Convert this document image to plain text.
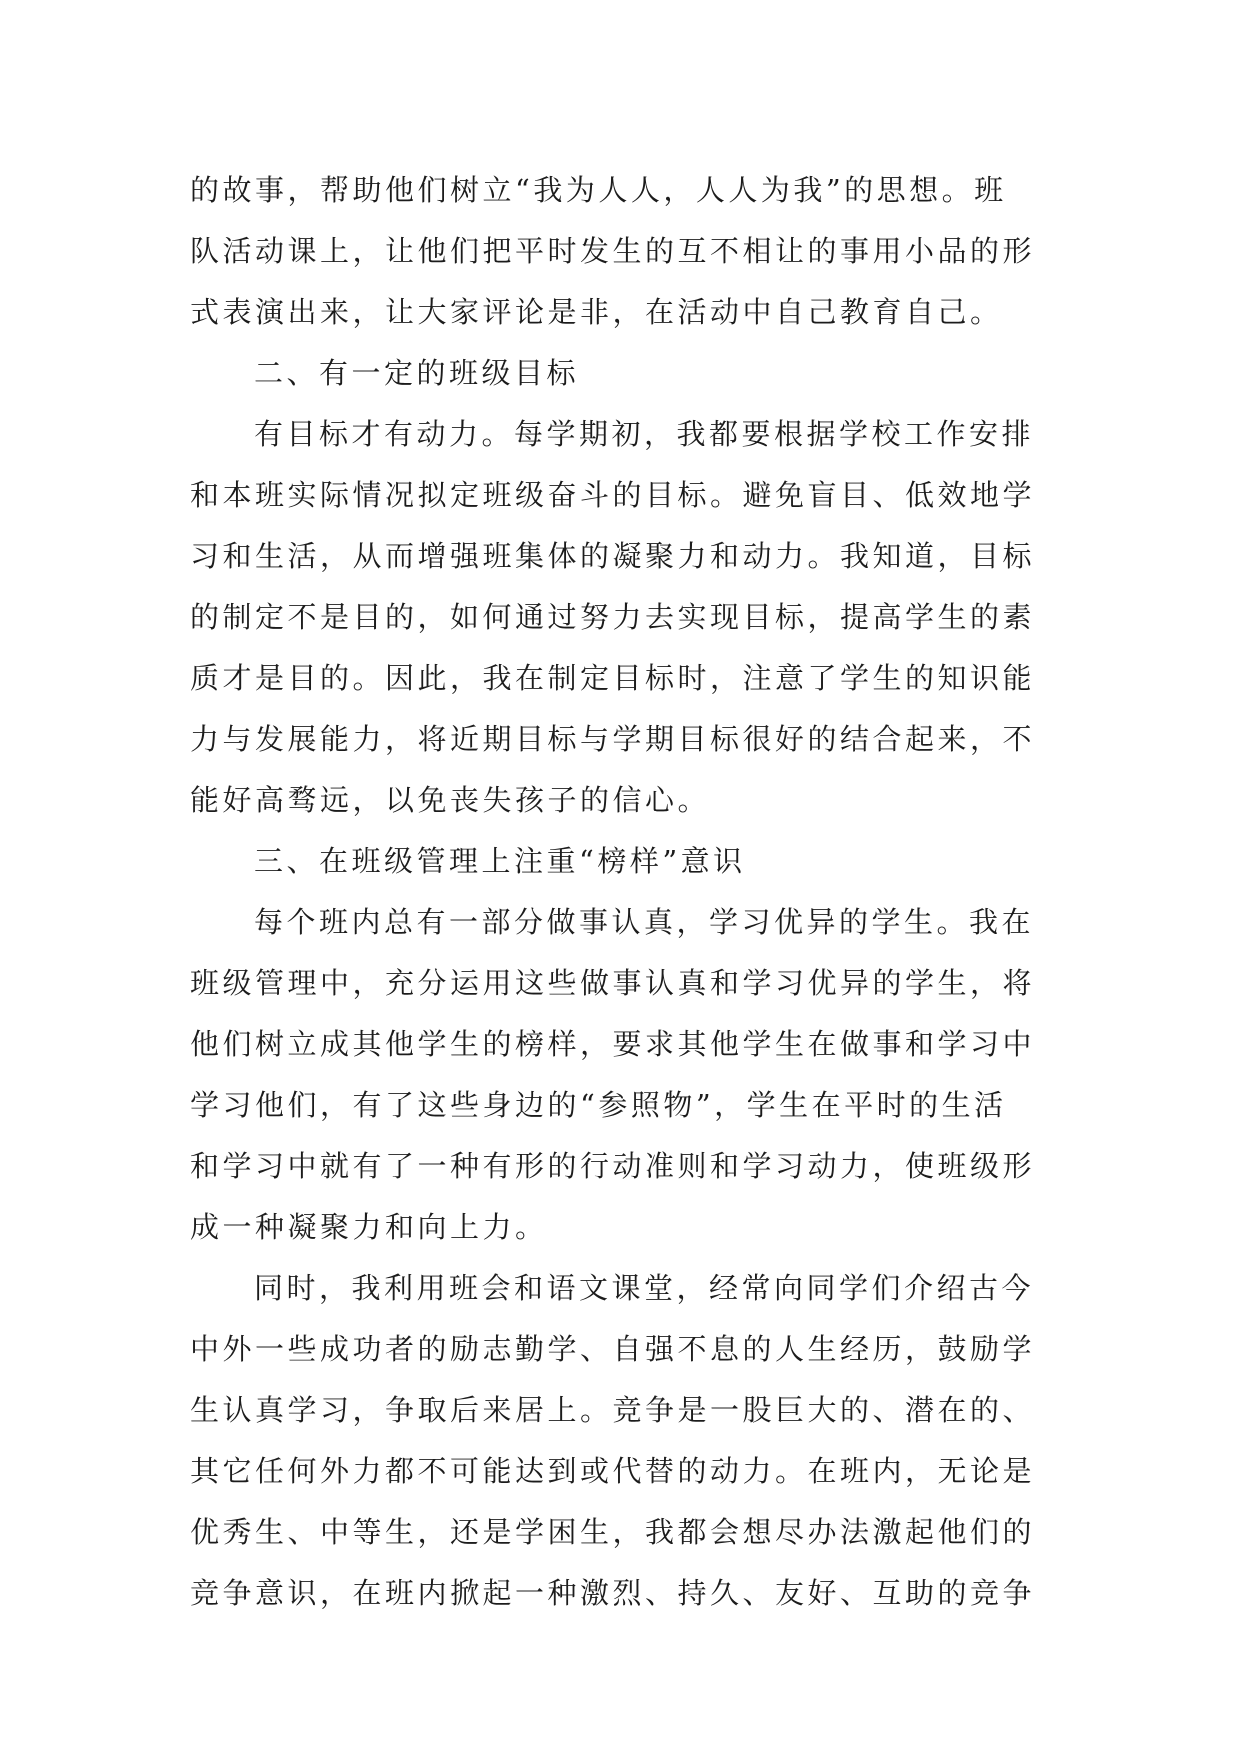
的故事，帮助他们树立“我为人人，人人为我”的思想。班
队活动课上，让他们把平时发生的互不相让的事用小品的形
式表演出来，让大家评论是非，在活动中自己教育自己。
二、有一定的班级目标
有目标才有动力。每学期初，我都要根据学校工作安排
和本班实际情况拟定班级奋斗的目标。避免盲目、低效地学
习和生活，从而增强班集体的凝聚力和动力。我知道，目标
的制定不是目的，如何通过努力去实现目标，提高学生的素
质才是目的。因此，我在制定目标时，注意了学生的知识能
力与发展能力，将近期目标与学期目标很好的结合起来，不
能好高骛远，以免丧失孩子的信心。
三、在班级管理上注重“榜样”意识
每个班内总有一部分做事认真，学习优异的学生。我在
班级管理中，充分运用这些做事认真和学习优异的学生，将
他们树立成其他学生的榜样，要求其他学生在做事和学习中
学习他们，有了这些身边的“参照物”，学生在平时的生活
和学习中就有了一种有形的行动准则和学习动力，使班级形
成一种凝聚力和向上力。
同时，我利用班会和语文课堂，经常向同学们介绍古今
中外一些成功者的励志勤学、自强不息的人生经历，鼓励学
生认真学习，争取后来居上。竞争是一股巨大的、潜在的、
其它任何外力都不可能达到或代替的动力。在班内，无论是
优秀生、中等生，还是学困生，我都会想尽办法激起他们的
竞争意识，在班内掀起一种激烈、持久、友好、互助的竞争
